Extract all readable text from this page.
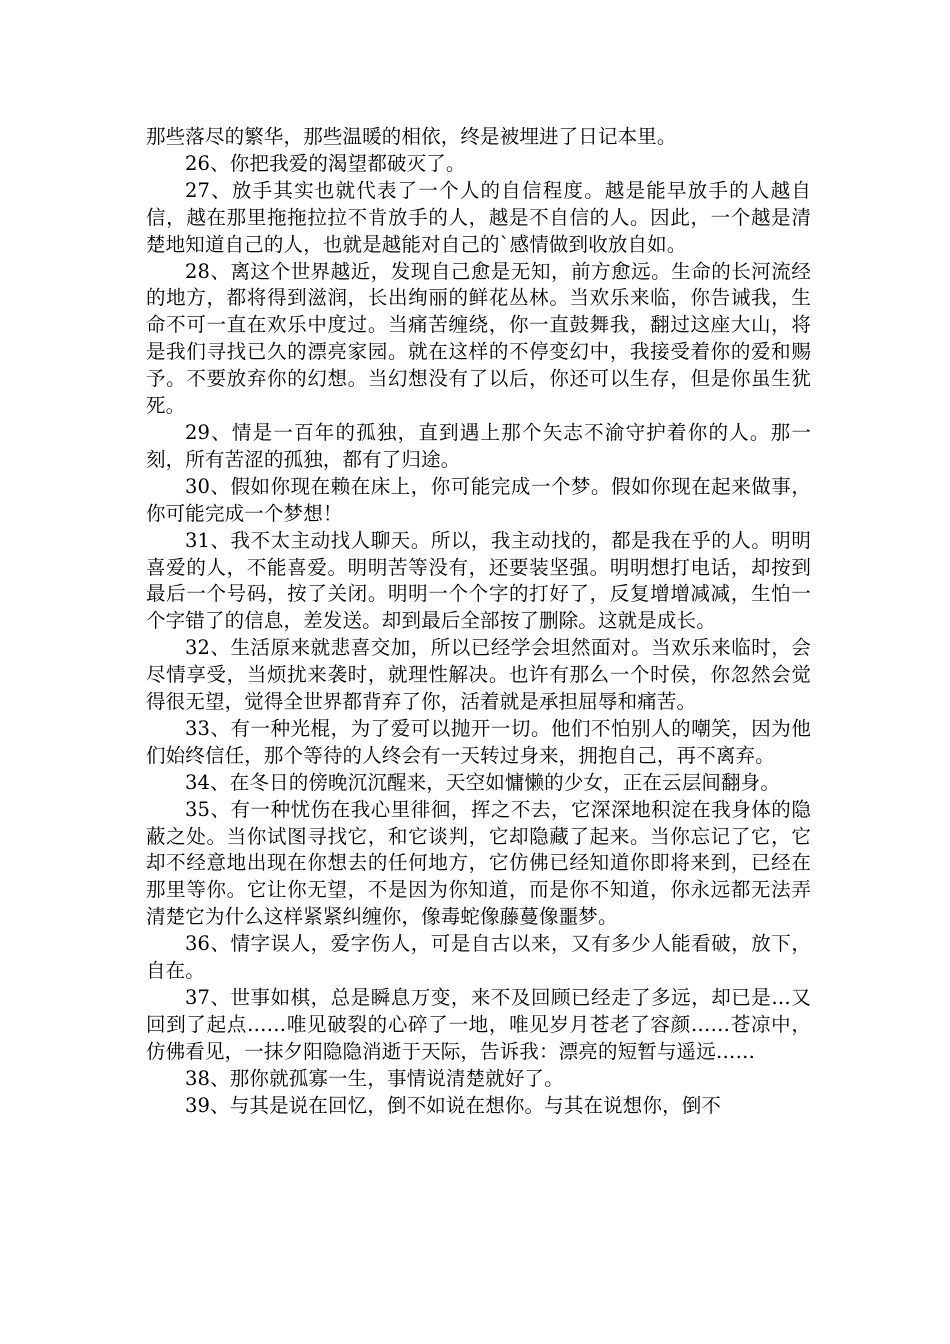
那些落尽的繁华，那些温暖的相依，终是被埋进了日记本里。

26、你把我爱的渴望都破灭了。

27、放手其实也就代表了一个人的自信程度。越是能早放手的人越自信，越在那里拖拖拉拉不肯放手的人，越是不自信的人。因此，一个越是清楚地知道自己的人，也就是越能对自己的`感情做到收放自如。

28、离这个世界越近，发现自己愈是无知，前方愈远。生命的长河流经的地方，都将得到滋润，长出绚丽的鲜花丛林。当欢乐来临，你告诫我，生命不可一直在欢乐中度过。当痛苦缠绕，你一直鼓舞我，翻过这座大山，将是我们寻找已久的漂亮家园。就在这样的不停变幻中，我接受着你的爱和赐予。不要放弃你的幻想。当幻想没有了以后，你还可以生存，但是你虽生犹死。

29、情是一百年的孤独，直到遇上那个矢志不渝守护着你的人。那一刻，所有苦涩的孤独，都有了归途。

30、假如你现在赖在床上，你可能完成一个梦。假如你现在起来做事，你可能完成一个梦想！

31、我不太主动找人聊天。所以，我主动找的，都是我在乎的人。明明喜爱的人，不能喜爱。明明苦等没有，还要装坚强。明明想打电话，却按到最后一个号码，按了关闭。明明一个个字的打好了，反复增增减减，生怕一个字错了的信息，差发送。却到最后全部按了删除。这就是成长。

32、生活原来就悲喜交加，所以已经学会坦然面对。当欢乐来临时，会尽情享受，当烦扰来袭时，就理性解决。也许有那么一个时侯，你忽然会觉得很无望，觉得全世界都背弃了你，活着就是承担屈辱和痛苦。

33、有一种光棍，为了爱可以抛开一切。他们不怕别人的嘲笑，因为他们始终信任，那个等待的人终会有一天转过身来，拥抱自己，再不离弃。

34、在冬日的傍晚沉沉醒来，天空如慵懒的少女，正在云层间翻身。

35、有一种忧伤在我心里徘徊，挥之不去，它深深地积淀在我身体的隐蔽之处。当你试图寻找它，和它谈判，它却隐藏了起来。当你忘记了它，它却不经意地出现在你想去的任何地方，它仿佛已经知道你即将来到，已经在那里等你。它让你无望，不是因为你知道，而是你不知道，你永远都无法弄清楚它为什么这样紧紧纠缠你，像毒蛇像藤蔓像噩梦。

36、情字误人，爱字伤人，可是自古以来，又有多少人能看破，放下，自在。

37、世事如棋，总是瞬息万变，来不及回顾已经走了多远，却已是…又回到了起点……唯见破裂的心碎了一地，唯见岁月苍老了容颜……苍凉中，仿佛看见，一抹夕阳隐隐消逝于天际，告诉我：漂亮的短暂与遥远……

38、那你就孤寡一生，事情说清楚就好了。

39、与其是说在回忆，倒不如说在想你。与其在说想你，倒不
